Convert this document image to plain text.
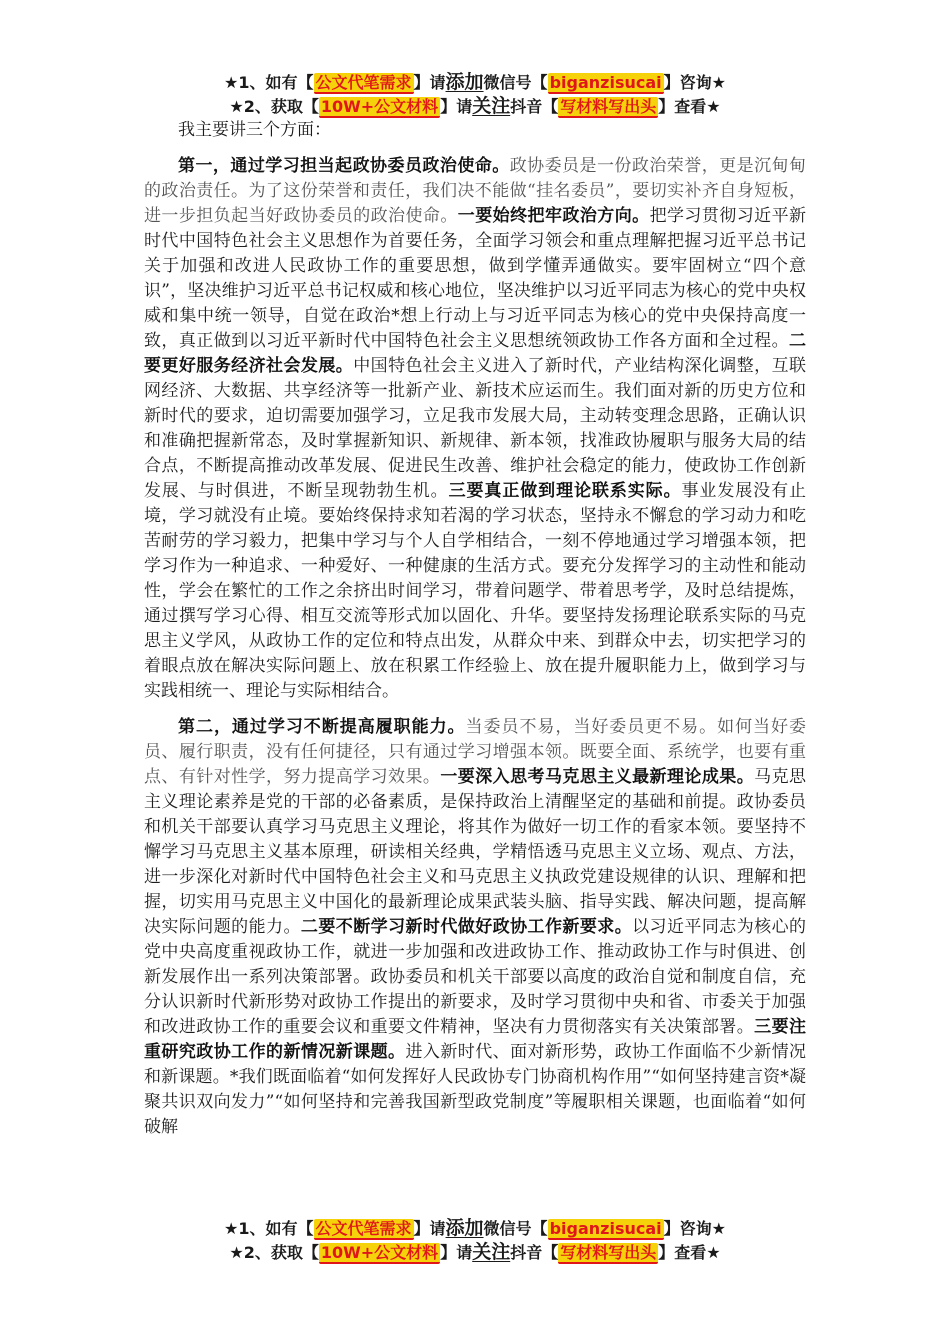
★1、如有【 公文代笔需求 】请添加微信号【 biganzisucai 】咨询★
★2、获取【 10W+公文材料 】请关注抖音【 写材料写出头 】查看★

我主要讲三个方面：

第一，通过学习担当起政协委员政治使命。政协委员是一份政治荣誉，更是沉甸甸的政治责任。为了这份荣誉和责任，我们决不能做“挂名委员”，要切实补齐自身短板，进一步担负起当好政协委员的政治使命。一要始终把牢政治方向。把学习贯彻习近平新时代中国特色社会主义思想作为首要任务，全面学习领会和重点理解把握习近平总书记关于加强和改进人民政协工作的重要思想，做到学懂弄通做实。要牢固树立“四个意识”，坚决维护习近平总书记权威和核心地位，坚决维护以习近平同志为核心的党中央权威和集中统一领导，自觉在政治*想上行动上与习近平同志为核心的党中央保持高度一致，真正做到以习近平新时代中国特色社会主义思想统领政协工作各方面和全过程。二要更好服务经济社会发展。中国特色社会主义进入了新时代，产业结构深化调整，互联网经济、大数据、共享经济等一批新产业、新技术应运而生。我们面对新的历史方位和新时代的要求，迫切需要加强学习，立足我市发展大局，主动转变理念思路，正确认识和准确把握新常态，及时掌握新知识、新规律、新本领，找准政协履职与服务大局的结合点，不断提高推动改革发展、促进民生改善、维护社会稳定的能力，使政协工作创新发展、与时俱进，不断呈现勃勃生机。三要真正做到理论联系实际。事业发展没有止境，学习就没有止境。要始终保持求知若渴的学习状态，坚持永不懈怠的学习动力和吃苦耐劳的学习毅力，把集中学习与个人自学相结合，一刻不停地通过学习增强本领，把学习作为一种追求、一种爱好、一种健康的生活方式。要充分发挥学习的主动性和能动性，学会在繁忙的工作之余挤出时间学习，带着问题学、带着思考学，及时总结提炼，通过撰写学习心得、相互交流等形式加以固化、升华。要坚持发扬理论联系实际的马克思主义学风，从政协工作的定位和特点出发，从群众中来、到群众中去，切实把学习的着眼点放在解决实际问题上、放在积累工作经验上、放在提升履职能力上，做到学习与实践相统一、理论与实际相结合。

第二，通过学习不断提高履职能力。当委员不易，当好委员更不易。如何当好委员、履行职责，没有任何捷径，只有通过学习增强本领。既要全面、系统学，也要有重点、有针对性学，努力提高学习效果。一要深入思考马克思主义最新理论成果。马克思主义理论素养是党的干部的必备素质，是保持政治上清醒坚定的基础和前提。政协委员和机关干部要认真学习马克思主义理论，将其作为做好一切工作的看家本领。要坚持不懈学习马克思主义基本原理，研读相关经典，学精悟透马克思主义立场、观点、方法，进一步深化对新时代中国特色社会主义和马克思主义执政党建设规律的认识、理解和把握，切实用马克思主义中国化的最新理论成果武装头脑、指导实践、解决问题，提高解决实际问题的能力。二要不断学习新时代做好政协工作新要求。以习近平同志为核心的党中央高度重视政协工作，就进一步加强和改进政协工作、推动政协工作与时俱进、创新发展作出一系列决策部署。政协委员和机关干部要以高度的政治自觉和制度自信，充分认识新时代新形势对政协工作提出的新要求，及时学习贯彻中央和省、市委关于加强和改进政协工作的重要会议和重要文件精神，坚决有力贯彻落实有关决策部署。三要注重研究政协工作的新情况新课题。进入新时代、面对新形势，政协工作面临不少新情况和新课题。*我们既面临着“如何发挥好人民政协专门协商机构作用”“如何坚持建言资*凝聚共识双向发力”“如何坚持和完善我国新型政党制度”等履职相关课题，也面临着“如何破解

★1、如有【 公文代笔需求 】请添加微信号【 biganzisucai 】咨询★
★2、获取【 10W+公文材料 】请关注抖音【 写材料写出头 】查看★
